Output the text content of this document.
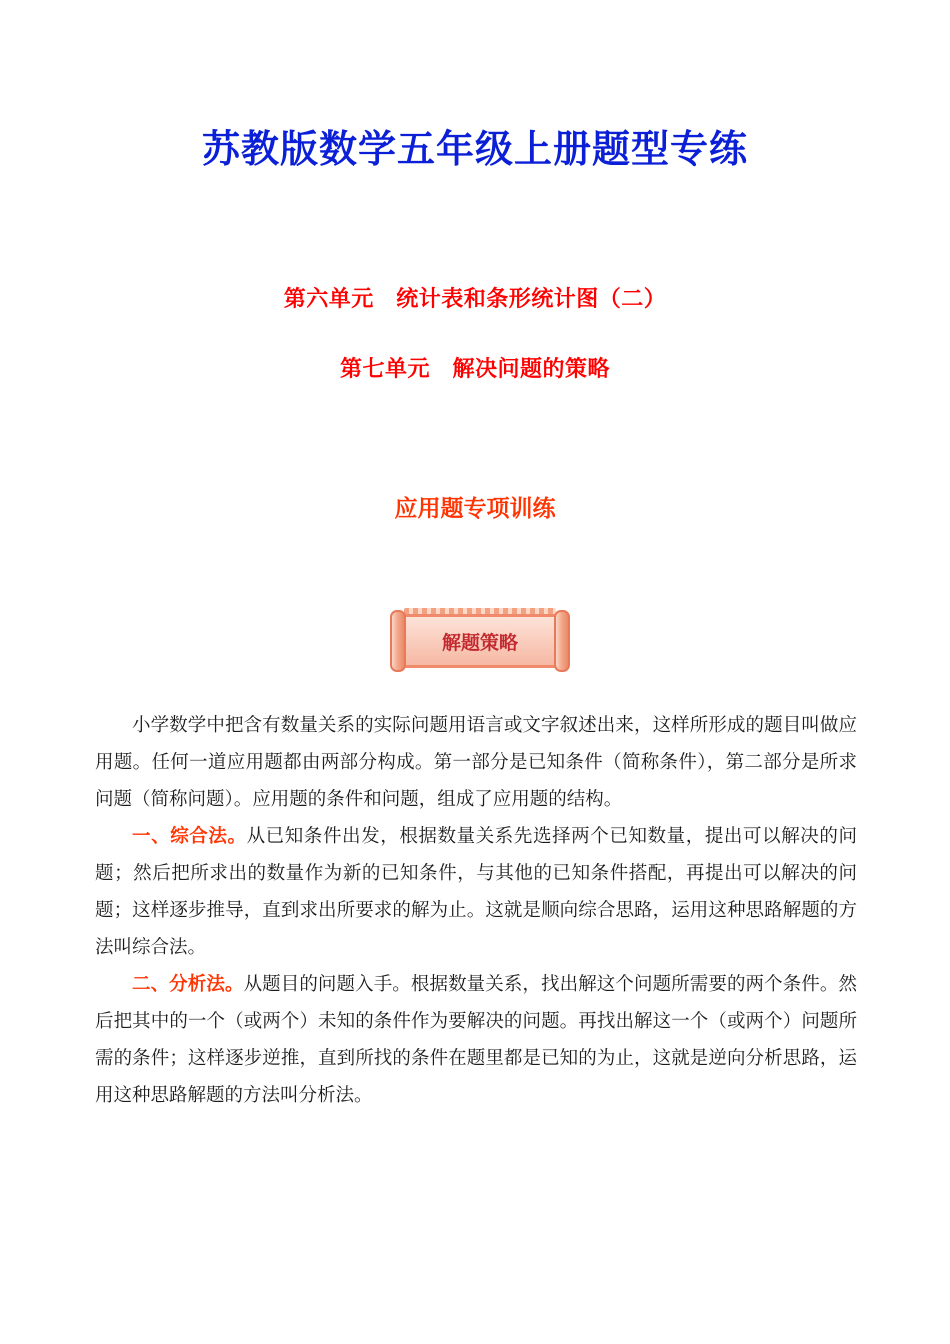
苏教版数学五年级上册题型专练
第六单元　统计表和条形统计图（二）
第七单元　解决问题的策略
应用题专项训练
解题策略

小学数学中把含有数量关系的实际问题用语言或文字叙述出来，这样所形成的题目叫做应用题。任何一道应用题都由两部分构成。第一部分是已知条件（简称条件），第二部分是所求问题（简称问题）。应用题的条件和问题，组成了应用题的结构。

一、综合法。从已知条件出发，根据数量关系先选择两个已知数量，提出可以解决的问题；然后把所求出的数量作为新的已知条件，与其他的已知条件搭配，再提出可以解决的问题；这样逐步推导，直到求出所要求的解为止。这就是顺向综合思路，运用这种思路解题的方法叫综合法。

二、分析法。从题目的问题入手。根据数量关系，找出解这个问题所需要的两个条件。然后把其中的一个（或两个）未知的条件作为要解决的问题。再找出解这一个（或两个）问题所需的条件；这样逐步逆推，直到所找的条件在题里都是已知的为止，这就是逆向分析思路，运用这种思路解题的方法叫分析法。
